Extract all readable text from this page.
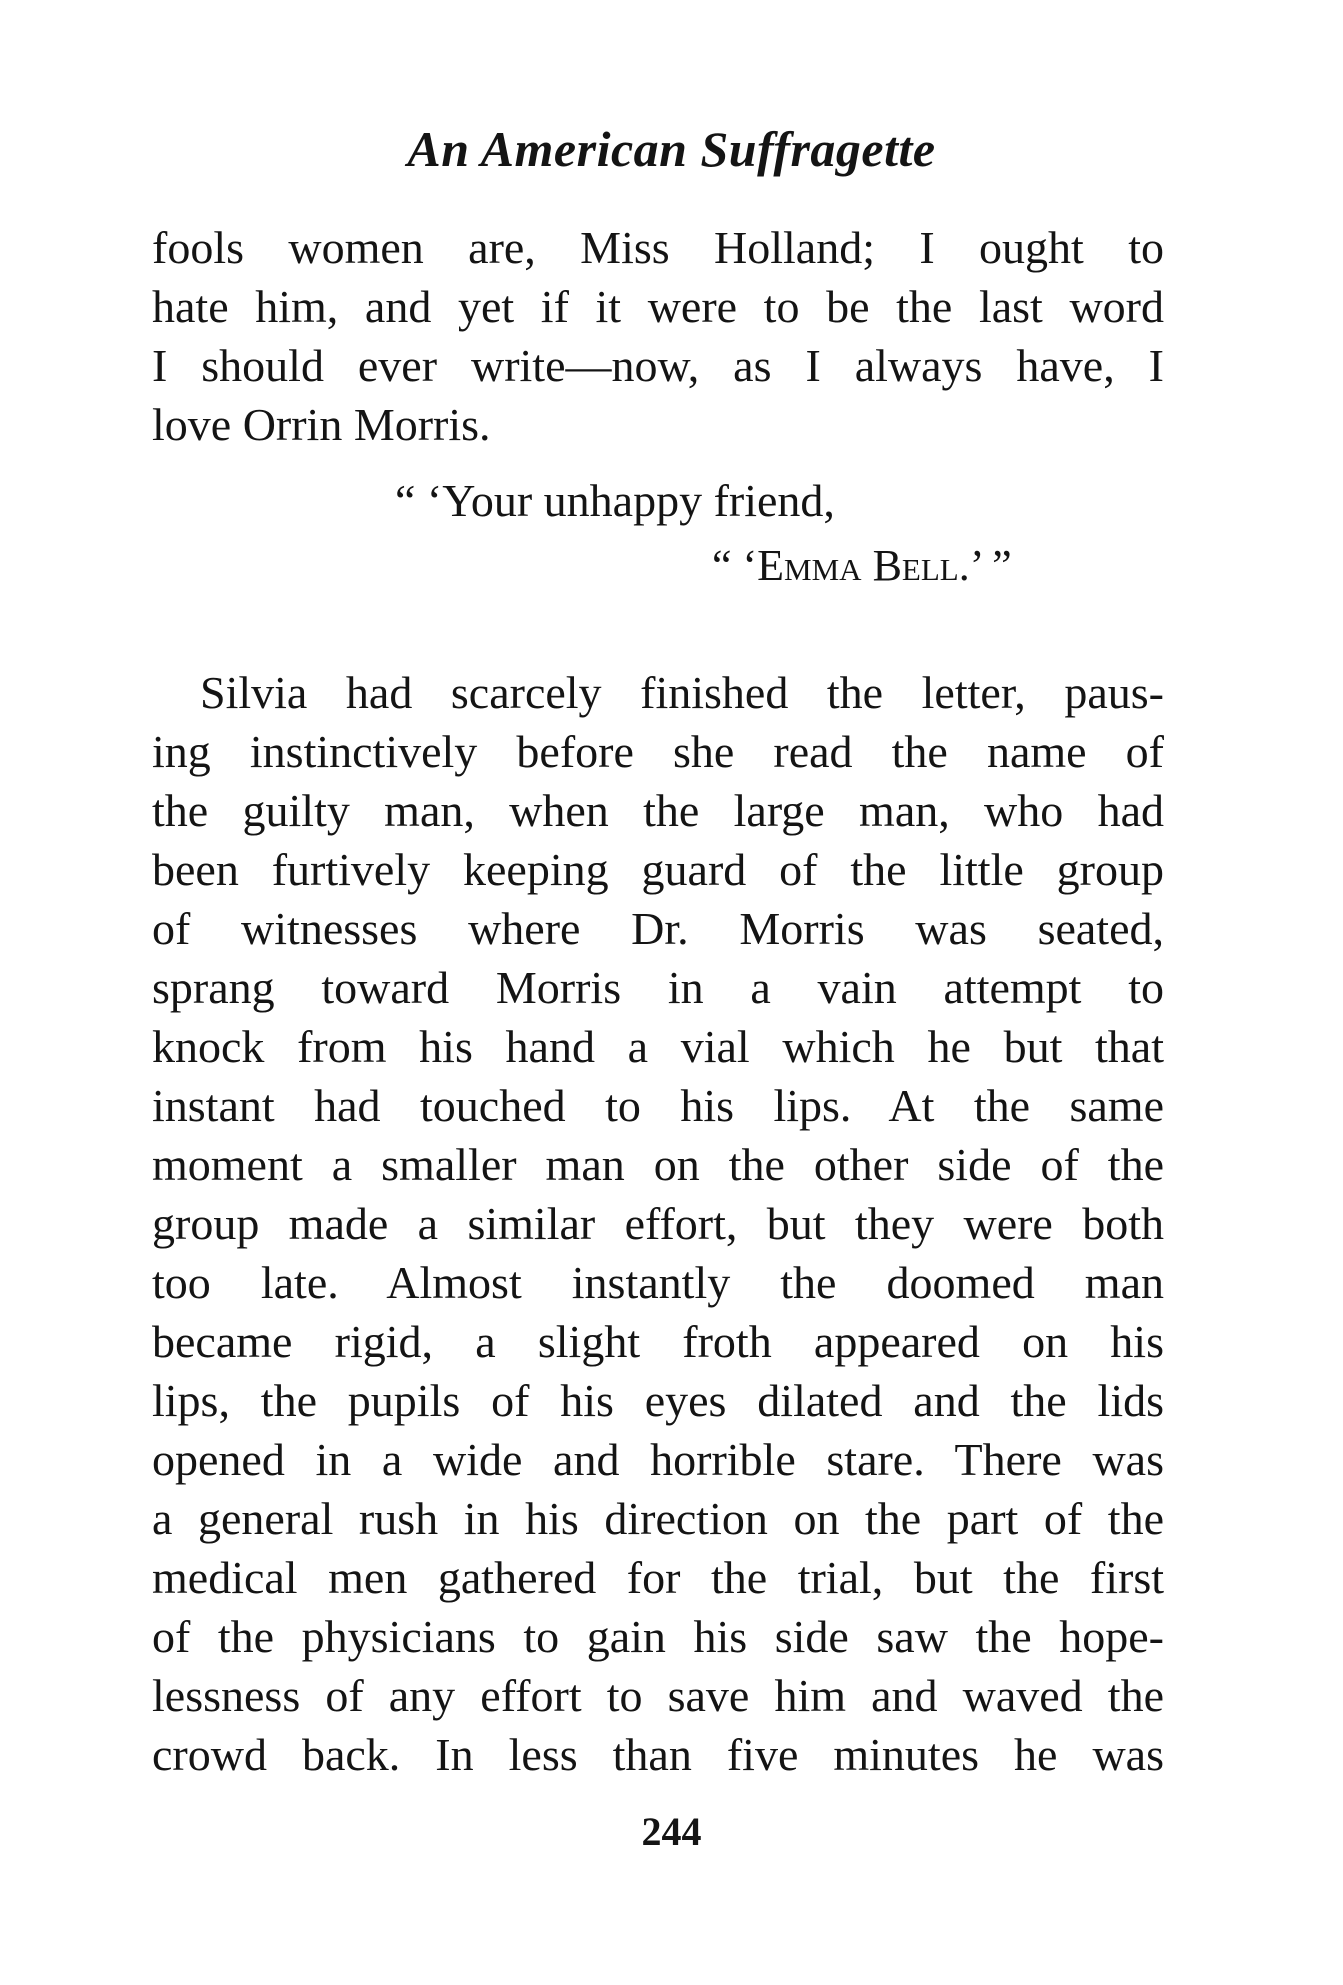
An American Suffragette
fools women are, Miss Holland; I ought to
hate him, and yet if it were to be the last word
I should ever write—now, as I always have, I
love Orrin Morris.
“ ‘Your unhappy friend,
“ ‘Emma Bell.’ ”
Silvia had scarcely finished the letter, paus-
ing instinctively before she read the name of
the guilty man, when the large man, who had
been furtively keeping guard of the little group
of witnesses where Dr. Morris was seated,
sprang toward Morris in a vain attempt to
knock from his hand a vial which he but that
instant had touched to his lips. At the same
moment a smaller man on the other side of the
group made a similar effort, but they were both
too late. Almost instantly the doomed man
became rigid, a slight froth appeared on his
lips, the pupils of his eyes dilated and the lids
opened in a wide and horrible stare. There was
a general rush in his direction on the part of the
medical men gathered for the trial, but the first
of the physicians to gain his side saw the hope-
lessness of any effort to save him and waved the
crowd back. In less than five minutes he was
244
